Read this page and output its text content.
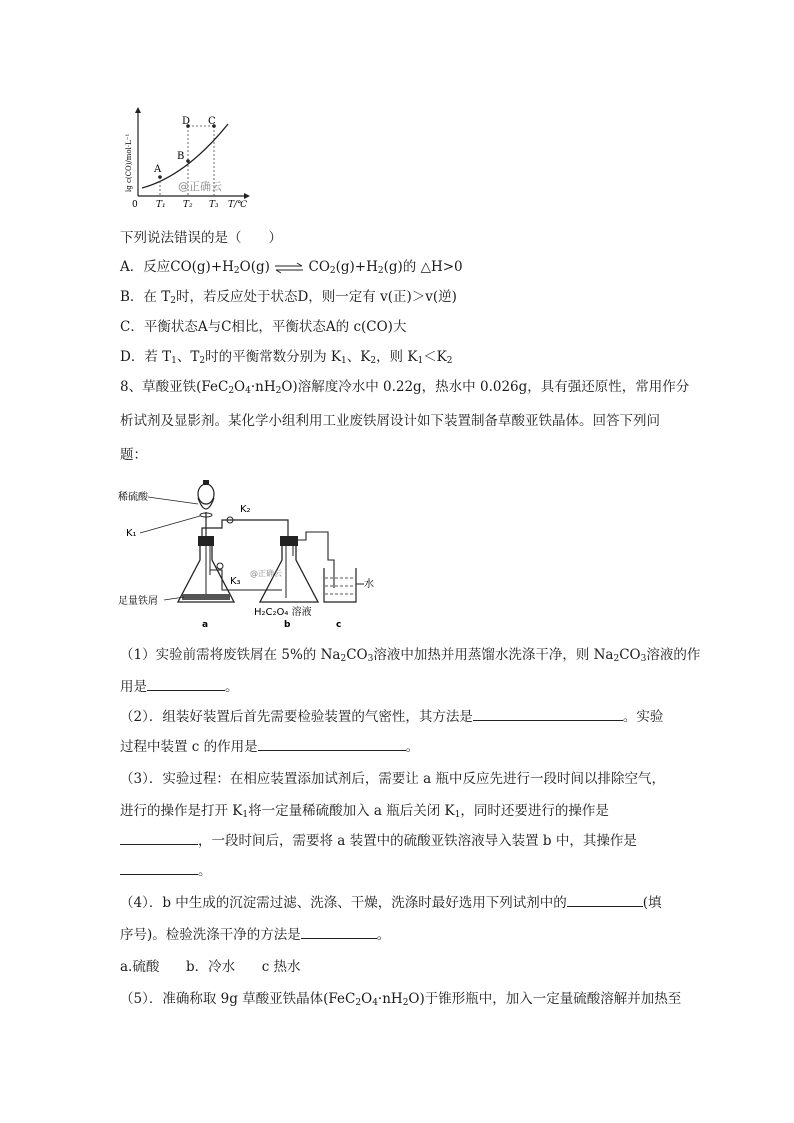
A
B
C
D
lg c(CO)/mol·L⁻¹
0 T₁ T₂ T₃ T/℃
@正确云
下列说法错误的是（　　）
A．反应$CO(g)+H_2O(g)$ ⇌ $CO_2(g)+H_2(g)$的 △H>0
B．在 $T_2$时，若反应处于状态D，则一定有 v(正)＞v(逆)
C．平衡状态A与C相比，平衡状态A的 c(CO)大
D．若 $T_1$、$T_2$时的平衡常数分别为 $K_1$、$K_2$，则 $K_1<K_2$
8、草酸亚铁$(FeC_2O_4\cdot nH_2O)$溶解度冷水中 0.22g，热水中 0.026g，具有强还原性，常用作分
析试剂及显影剂。某化学小组利用工业废铁屑设计如下装置制备草酸亚铁晶体。回答下列问
题：
稀硫酸
K₁
K₂
K₃
足量铁屑
H₂C₂O₄ 溶液
水
a	b	c
@正确云
（1）实验前需将废铁屑在 5%的 $Na_2CO_3$溶液中加热并用蒸馏水洗涤干净，则 $Na_2CO_3$溶液的作
用是	。
（2）．组装好装置后首先需要检验装置的气密性，其方法是	。实验
过程中装置 c 的作用是	。
（3）．实验过程：在相应装置添加试剂后，需要让 a 瓶中反应先进行一段时间以排除空气，
进行的操作是打开 $K_1$将一定量稀硫酸加入 a 瓶后关闭 $K_1$，同时还要进行的操作是
，一段时间后，需要将 a 装置中的硫酸亚铁溶液导入装置 b 中，其操作是
。
（4）．b 中生成的沉淀需过滤、洗涤、干燥，洗涤时最好选用下列试剂中的	(填
序号)。检验洗涤干净的方法是	。
a.硫酸 b．冷水 c 热水
（5）．准确称取 9g 草酸亚铁晶体$(FeC_2O_4\cdot nH_2O)$于锥形瓶中，加入一定量硫酸溶解并加热至
